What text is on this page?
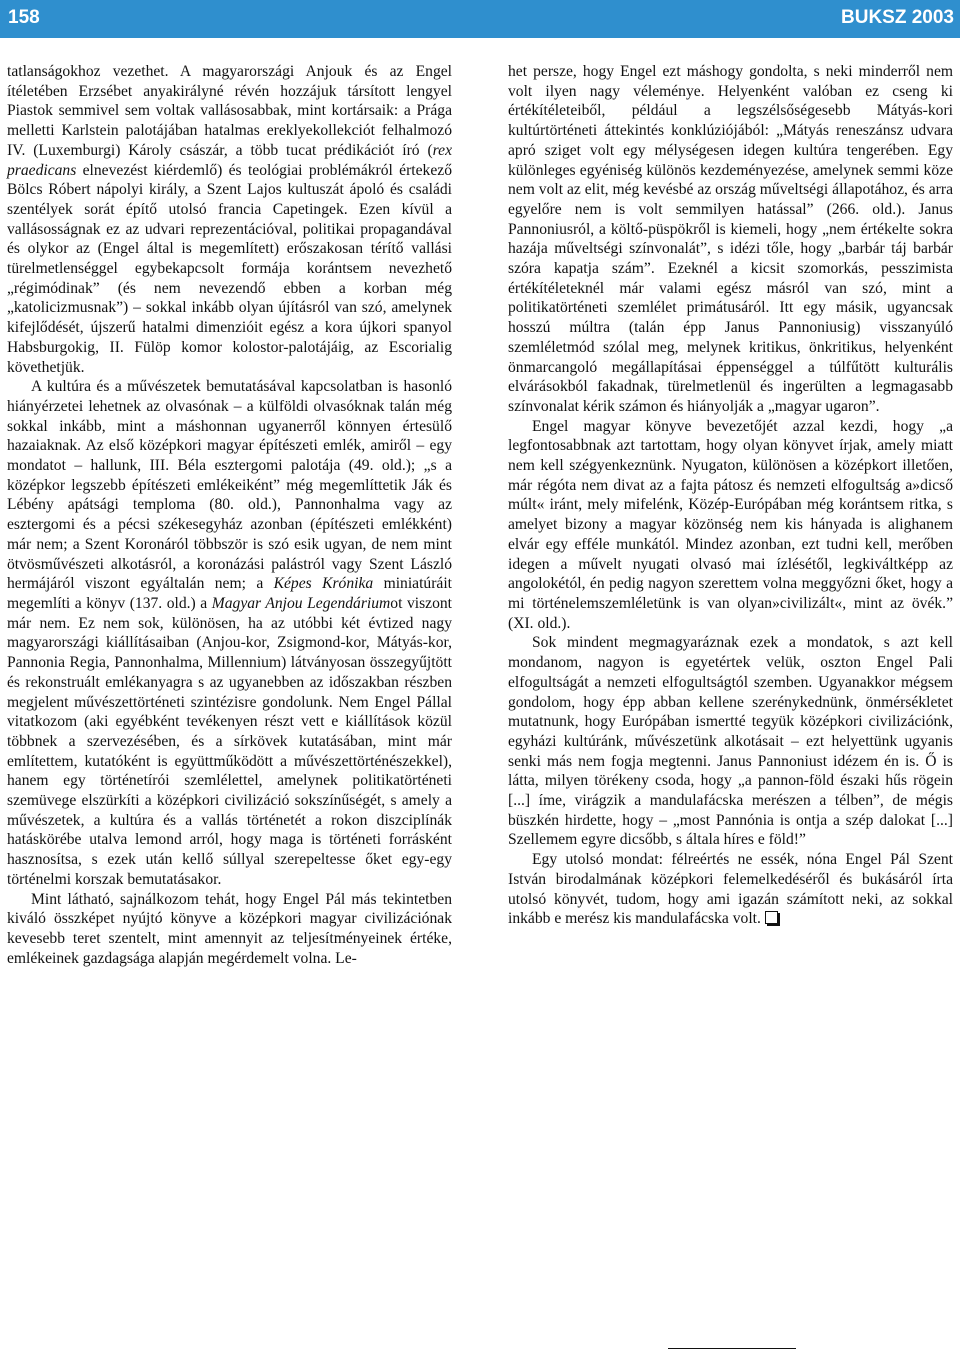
158	BUKSZ 2003

tatlanságokhoz vezethet. A magyarországi Anjouk és az Engel ítéletében Erzsébet anyakirályné révén hozzájuk társított lengyel Piastok semmivel sem voltak vallásosabbak, mint kortársaik: a Prága melletti Karlstein palotájában hatalmas ereklyekollekciót felhalmozó IV. (Luxemburgi) Károly császár, a több tucat prédikációt író (rex praedicans elnevezést kiérdemlő) és teológiai problémákról értekező Bölcs Róbert nápolyi király, a Szent Lajos kultuszát ápoló és családi szentélyek sorát építő utolsó francia Capetingek. Ezen kívül a vallásosságnak ez az udvari reprezentációval, politikai propagandával és olykor az (Engel által is megemlített) erőszakosan térítő vallási türelmetlenséggel egybekapcsolt formája korántsem nevezhető „régimódinak” (és nem nevezendő ebben a korban még „katolicizmusnak”) – sokkal inkább olyan újításról van szó, amelynek kifejlődését, újszerű hatalmi dimenzióit egész a kora újkori spanyol Habsburgokig, II. Fülöp komor kolostor-palotájáig, az Escorialig követhetjük.

A kultúra és a művészetek bemutatásával kapcsolatban is hasonló hiányérzetei lehetnek az olvasónak – a külföldi olvasóknak talán még sokkal inkább, mint a máshonnan ugyanerről könnyen értesülő hazaiaknak. Az első középkori magyar építészeti emlék, amiről – egy mondatot – hallunk, III. Béla esztergomi palotája (49. old.); „s a középkor legszebb építészeti emlékeiként” még megemlíttetik Ják és Lébény apátsági temploma (80. old.), Pannonhalma vagy az esztergomi és a pécsi székesegyház azonban (építészeti emlékként) már nem; a Szent Koronáról többször is szó esik ugyan, de nem mint ötvösművészeti alkotásról, a koronázási palástról vagy Szent László hermájáról viszont egyáltalán nem; a Képes Krónika miniatúráit megemlíti a könyv (137. old.) a Magyar Anjou Legendáriumot viszont már nem. Ez nem sok, különösen, ha az utóbbi két évtized nagy magyarországi kiállításaiban (Anjou-kor, Zsigmond-kor, Mátyás-kor, Pannonia Regia, Pannonhalma, Millennium) látványosan összegyűjtött és rekonstruált emlékanyagra s az ugyanebben az időszakban részben megjelent művészettörténeti szintézisre gondolunk. Nem Engel Pállal vitatkozom (aki egyébként tevékenyen részt vett e kiállítások közül többnek a szervezésében, és a sírkövek kutatásában, mint már említettem, kutatóként is együttműködött a művészettörténészekkel), hanem egy történetírói szemlélettel, amelynek politikatörténeti szemüvege elszürkíti a középkori civilizáció sokszínűségét, s amely a művészetek, a kultúra és a vallás történetét a rokon diszciplínák hatáskörébe utalva lemond arról, hogy maga is történeti forrásként hasznosítsa, s ezek után kellő súllyal szerepeltesse őket egy-egy történelmi korszak bemutatásakor.

Mint látható, sajnálkozom tehát, hogy Engel Pál más tekintetben kiváló összképet nyújtó könyve a középkori magyar civilizációnak kevesebb teret szentelt, mint amennyit az teljesítményeinek értéke, emlékeinek gazdagsága alapján megérdemelt volna. Le-

het persze, hogy Engel ezt máshogy gondolta, s neki minderről nem volt ilyen nagy véleménye. Helyenként valóban ez cseng ki értékítéleteiből, például a legszélsőségesebb Mátyás-kori kultúrtörténeti áttekintés konklúziójából: „Mátyás reneszánsz udvara apró sziget volt egy mélységesen idegen kultúra tengerében. Egy különleges egyéniség különös kezdeményezése, amelynek semmi köze nem volt az elit, még kevésbé az ország műveltségi állapotához, és arra egyelőre nem is volt semmilyen hatással” (266. old.). Janus Pannoniusról, a költő-püspökről is kiemeli, hogy „nem értékelte sokra hazája műveltségi színvonalát”, s idézi tőle, hogy „barbár táj barbár szóra kapatja szám”. Ezeknél a kicsit szomorkás, pesszimista értékítéleteknél már valami egész másról van szó, mint a politikatörténeti szemlélet primátusáról. Itt egy másik, ugyancsak hosszú múltra (talán épp Janus Pannoniusig) visszanyúló szemléletmód szólal meg, melynek kritikus, önkritikus, helyenként önmarcangoló megállapításai éppenséggel a túlfűtött kulturális elvárásokból fakadnak, türelmetlenül és ingerülten a legmagasabb színvonalat kérik számon és hiányolják a „magyar ugaron”.

Engel magyar könyve bevezetőjét azzal kezdi, hogy „a legfontosabbnak azt tartottam, hogy olyan könyvet írjak, amely miatt nem kell szégyenkeznünk. Nyugaton, különösen a középkort illetően, már régóta nem divat az a fajta pátosz és nemzeti elfogultság a»dicső múlt« iránt, mely mifelénk, Közép-Európában még korántsem ritka, s amelyet bizony a magyar közönség nem kis hányada is alighanem elvár egy efféle munkától. Mindez azonban, ezt tudni kell, merőben idegen a művelt nyugati olvasó mai ízlésétől, legkiváltképp az angolokétól, én pedig nagyon szerettem volna meggyőzni őket, hogy a mi történelemszemléletünk is van olyan»civilizált«, mint az övék.” (XI. old.).

Sok mindent megmagyaráznak ezek a mondatok, s azt kell mondanom, nagyon is egyetértek velük, oszton Engel Pali elfogultságát a nemzeti elfogultságtól szemben. Ugyanakkor mégsem gondolom, hogy épp abban kellene szerénykednünk, önmérsékletet mutatnunk, hogy Európában ismertté tegyük középkori civilizációnk, egyházi kultúránk, művészetünk alkotásait – ezt helyettünk ugyanis senki más nem fogja megtenni. Janus Pannoniust idézem én is. Ő is látta, milyen törékeny csoda, hogy „a pannon-föld északi hűs rögein [...] íme, virágzik a mandulafácska merészen a télben”, de mégis büszkén hirdette, hogy – „most Pannónia is ontja a szép dalokat [...] Szellemem egyre dicsőbb, s általa híres e föld!”

Egy utolsó mondat: félreértés ne essék, nóna Engel Pál Szent István birodalmának középkori felemelkedéséről és bukásáról írta utolsó könyvét, tudom, hogy ami igazán számított neki, az sokkal inkább e merész kis mandulafácska volt.
